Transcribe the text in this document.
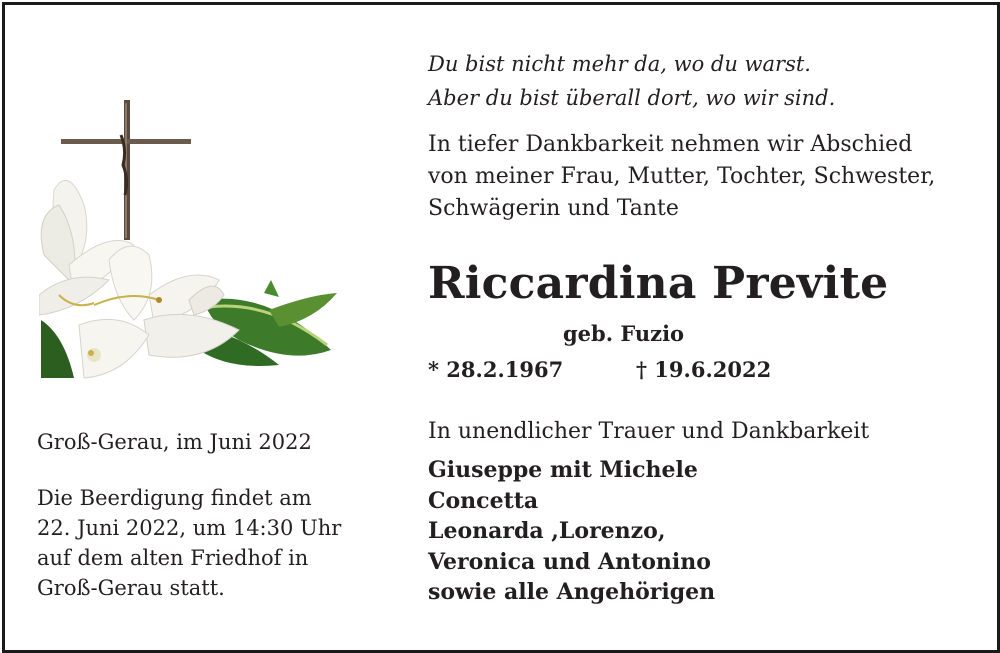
Groß-Gerau, im Juni 2022
Die Beerdigung findet am
22. Juni 2022, um 14:30 Uhr
auf dem alten Friedhof in
Groß-Gerau statt.
Du bist nicht mehr da, wo du warst.
Aber du bist überall dort, wo wir sind.
In tiefer Dankbarkeit nehmen wir Abschied
von meiner Frau, Mutter, Tochter, Schwester,
Schwägerin und Tante
Riccardina Previte
geb. Fuzio
* 28.2.1967	† 19.6.2022
In unendlicher Trauer und Dankbarkeit
Giuseppe mit Michele
Concetta
Leonarda ,Lorenzo,
Veronica und Antonino
sowie alle Angehörigen
